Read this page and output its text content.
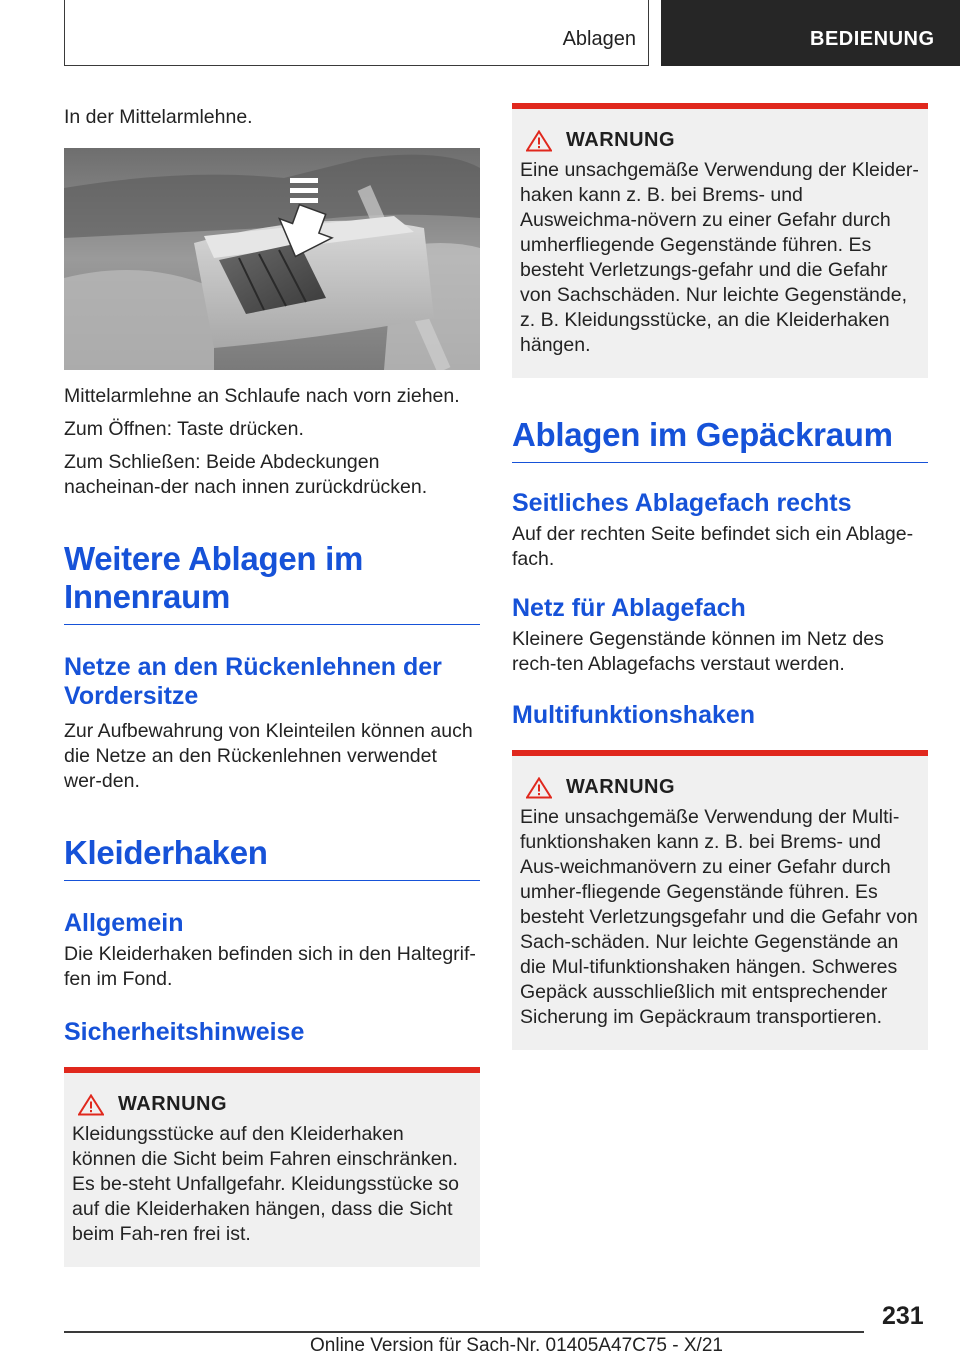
Ablagen	BEDIENUNG

In der Mittelarmlehne.

Mittelarmlehne an Schlaufe nach vorn ziehen.

Zum Öffnen: Taste drücken.

Zum Schließen: Beide Abdeckungen nacheinan-der nach innen zurückdrücken.

Weitere Ablagen im Innenraum
Netze an den Rückenlehnen der Vordersitze

Zur Aufbewahrung von Kleinteilen können auch die Netze an den Rückenlehnen verwendet wer-den.

Kleiderhaken
Allgemein

Die Kleiderhaken befinden sich in den Haltegrif-fen im Fond.

Sicherheitshinweise
WARNUNG

Kleidungsstücke auf den Kleiderhaken können die Sicht beim Fahren einschränken. Es be-steht Unfallgefahr. Kleidungsstücke so auf die Kleiderhaken hängen, dass die Sicht beim Fah-ren frei ist.

WARNUNG

Eine unsachgemäße Verwendung der Kleider-haken kann z. B. bei Brems- und Ausweichma-növern zu einer Gefahr durch umherfliegende Gegenstände führen. Es besteht Verletzungs-gefahr und die Gefahr von Sachschäden. Nur leichte Gegenstände, z. B. Kleidungsstücke, an die Kleiderhaken hängen.

Ablagen im Gepäckraum
Seitliches Ablagefach rechts

Auf der rechten Seite befindet sich ein Ablage-fach.

Netz für Ablagefach

Kleinere Gegenstände können im Netz des rech-ten Ablagefachs verstaut werden.

Multifunktionshaken
WARNUNG

Eine unsachgemäße Verwendung der Multi-funktionshaken kann z. B. bei Brems- und Aus-weichmanövern zu einer Gefahr durch umher-fliegende Gegenstände führen. Es besteht Verletzungsgefahr und die Gefahr von Sach-schäden. Nur leichte Gegenstände an die Mul-tifunktionshaken hängen. Schweres Gepäck ausschließlich mit entsprechender Sicherung im Gepäckraum transportieren.

231
Online Version für Sach-Nr. 01405A47C75 - X/21
